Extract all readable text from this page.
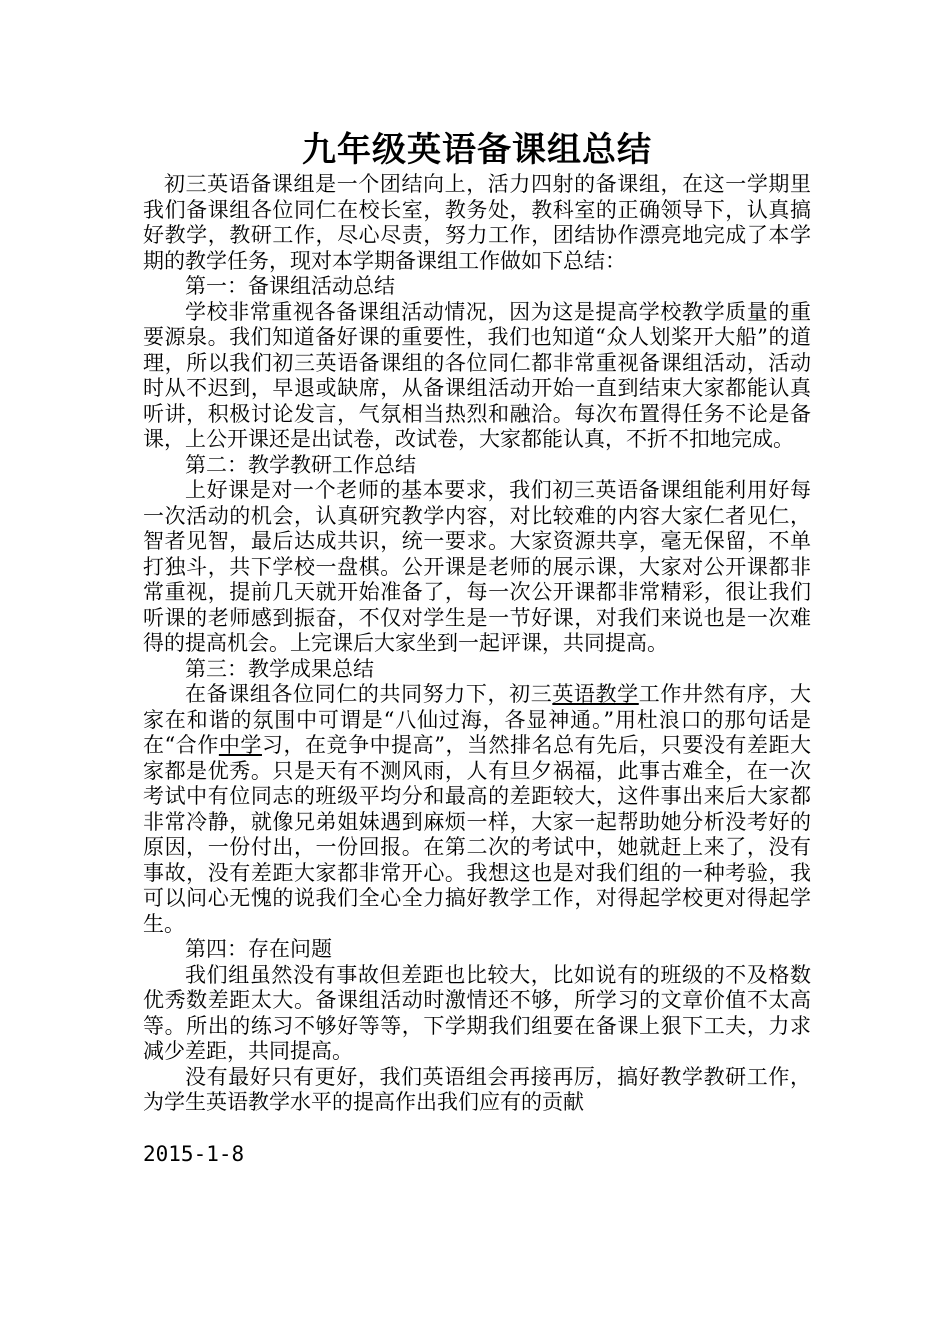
九年级英语备课组总结

初三英语备课组是一个团结向上，活力四射的备课组，在这一学期里我们备课组各位同仁在校长室，教务处，教科室的正确领导下，认真搞好教学，教研工作，尽心尽责，努力工作，团结协作漂亮地完成了本学期的教学任务，现对本学期备课组工作做如下总结：

第一：备课组活动总结

学校非常重视各备课组活动情况，因为这是提高学校教学质量的重要源泉。我们知道备好课的重要性，我们也知道“众人划桨开大船”的道理，所以我们初三英语备课组的各位同仁都非常重视备课组活动，活动时从不迟到，早退或缺席，从备课组活动开始一直到结束大家都能认真听讲，积极讨论发言，气氛相当热烈和融洽。每次布置得任务不论是备课，上公开课还是出试卷，改试卷，大家都能认真，不折不扣地完成。

第二：教学教研工作总结

上好课是对一个老师的基本要求，我们初三英语备课组能利用好每一次活动的机会，认真研究教学内容，对比较难的内容大家仁者见仁，智者见智，最后达成共识，统一要求。大家资源共享，毫无保留，不单打独斗，共下学校一盘棋。公开课是老师的展示课，大家对公开课都非常重视，提前几天就开始准备了，每一次公开课都非常精彩，很让我们听课的老师感到振奋，不仅对学生是一节好课，对我们来说也是一次难得的提高机会。上完课后大家坐到一起评课，共同提高。

第三：教学成果总结

在备课组各位同仁的共同努力下，初三英语教学工作井然有序，大家在和谐的氛围中可谓是“八仙过海，各显神通。”用杜浪口的那句话是在“合作中学习，在竞争中提高”，当然排名总有先后，只要没有差距大家都是优秀。只是天有不测风雨，人有旦夕祸福，此事古难全，在一次考试中有位同志的班级平均分和最高的差距较大，这件事出来后大家都非常冷静，就像兄弟姐妹遇到麻烦一样，大家一起帮助她分析没考好的原因，一份付出，一份回报。在第二次的考试中，她就赶上来了，没有事故，没有差距大家都非常开心。我想这也是对我们组的一种考验，我可以问心无愧的说我们全心全力搞好教学工作，对得起学校更对得起学生。

第四：存在问题

我们组虽然没有事故但差距也比较大，比如说有的班级的不及格数优秀数差距太大。备课组活动时激情还不够，所学习的文章价值不太高等。所出的练习不够好等等，下学期我们组要在备课上狠下工夫，力求减少差距，共同提高。

没有最好只有更好，我们英语组会再接再厉，搞好教学教研工作，为学生英语教学水平的提高作出我们应有的贡献

2015-1-8
